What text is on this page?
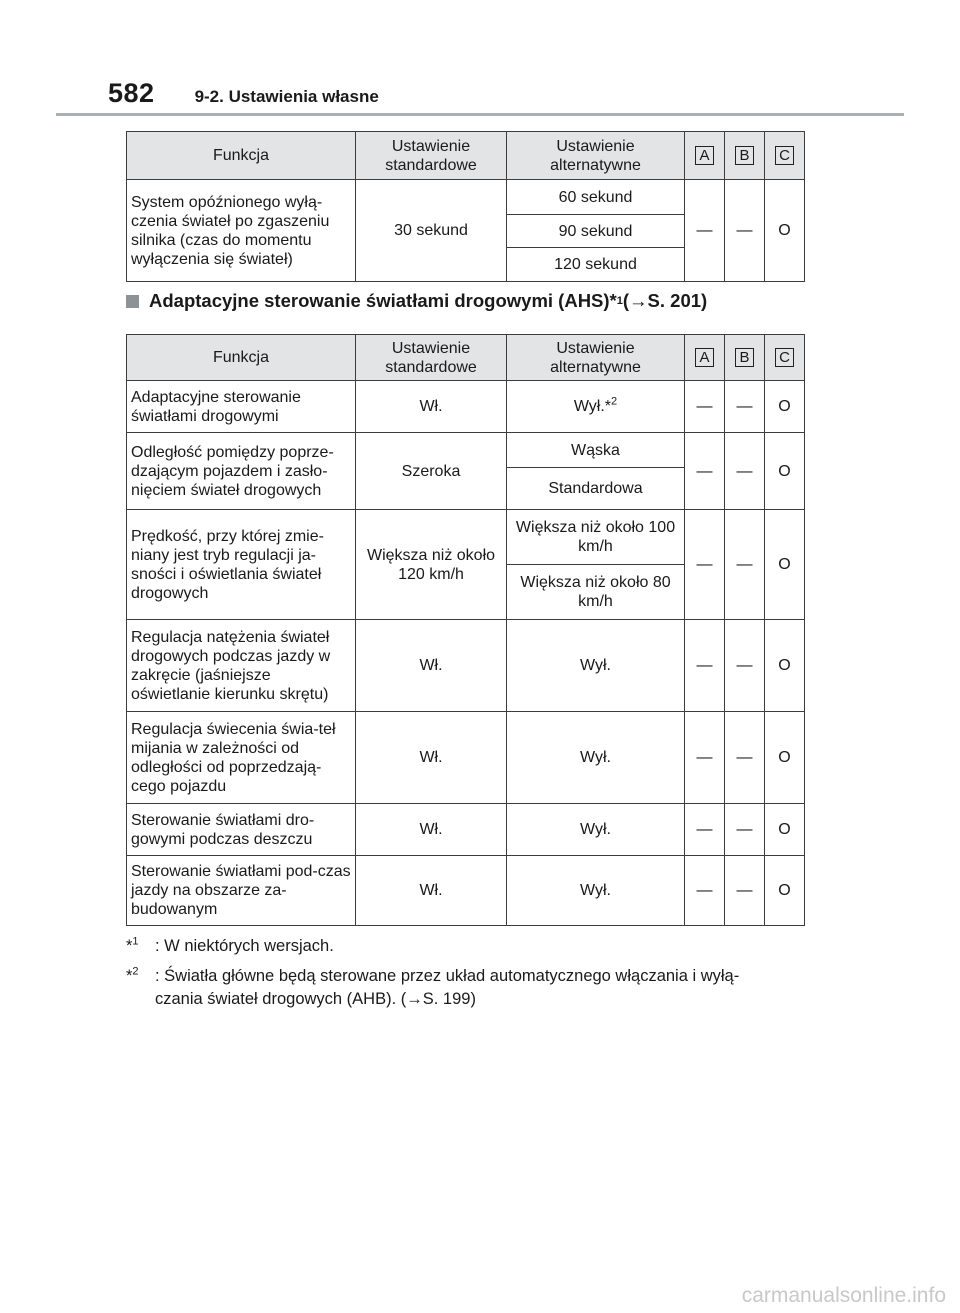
582 9-2. Ustawienia własne
Funkcja	Ustawienie standardowe	Ustawienie alternatywne	A	B	C
System opóźnionego wyłą-czenia świateł po zgaszeniu silnika (czas do momentu wyłączenia się świateł)	30 sekund	60 sekund	—	—	O
		90 sekund			
		120 sekund			
Adaptacyjne sterowanie światłami drogowymi (AHS)* 1 (→S. 201)
Funkcja	Ustawienie standardowe	Ustawienie alternatywne	A	B	C
Adaptacyjne sterowanie światłami drogowymi	Wł.	Wył.*$^2$	—	—	O
Odległość pomiędzy poprze-dzającym pojazdem i zasło-nięciem świateł drogowych	Szeroka	Wąska	—	—	O
		Standardowa			
Prędkość, przy której zmie-niany jest tryb regulacji ja-sności i oświetlania świateł drogowych	Większa niż około 120 km/h	Większa niż około 100 km/h	—	—	O
		Większa niż około 80 km/h			
Regulacja natężenia świateł drogowych podczas jazdy w zakręcie (jaśniejsze oświetlanie kierunku skrętu)	Wł.	Wył.	—	—	O
Regulacja świecenia świa-teł mijania w zależności od odległości od poprzedzają-cego pojazdu	Wł.	Wył.	—	—	O
Sterowanie światłami dro-gowymi podczas deszczu	Wł.	Wył.	—	—	O
Sterowanie światłami pod-czas jazdy na obszarze za-budowanym	Wł.	Wył.	—	—	O
*$^1$ : W niektórych wersjach.
*$^2$ : Światła główne będą sterowane przez układ automatycznego włączania i wyłą-
czania świateł drogowych (AHB). (→S. 199)
carmanualsonline.info
